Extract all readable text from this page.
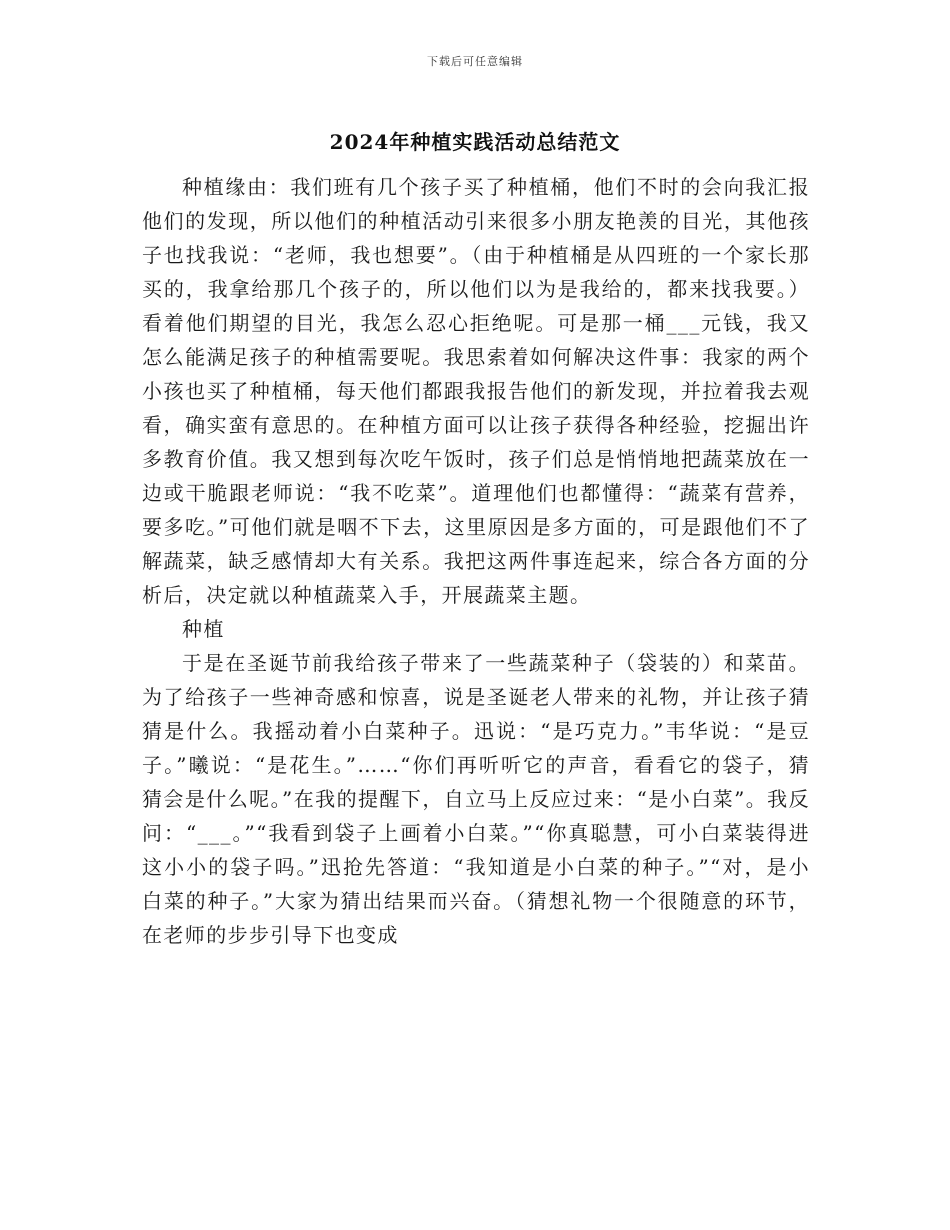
下载后可任意编辑
2024年种植实践活动总结范文

种植缘由：我们班有几个孩子买了种植桶，他们不时的会向我汇报他们的发现，所以他们的种植活动引来很多小朋友艳羡的目光，其他孩子也找我说：“老师，我也想要”。（由于种植桶是从四班的一个家长那买的，我拿给那几个孩子的，所以他们以为是我给的，都来找我要。）看着他们期望的目光，我怎么忍心拒绝呢。可是那一桶___元钱，我又怎么能满足孩子的种植需要呢。我思索着如何解决这件事：我家的两个小孩也买了种植桶，每天他们都跟我报告他们的新发现，并拉着我去观看，确实蛮有意思的。在种植方面可以让孩子获得各种经验，挖掘出许多教育价值。我又想到每次吃午饭时，孩子们总是悄悄地把蔬菜放在一边或干脆跟老师说：“我不吃菜”。道理他们也都懂得：“蔬菜有营养，要多吃。”可他们就是咽不下去，这里原因是多方面的，可是跟他们不了解蔬菜，缺乏感情却大有关系。我把这两件事连起来，综合各方面的分析后，决定就以种植蔬菜入手，开展蔬菜主题。

种植

于是在圣诞节前我给孩子带来了一些蔬菜种子（袋装的）和菜苗。为了给孩子一些神奇感和惊喜，说是圣诞老人带来的礼物，并让孩子猜猜是什么。我摇动着小白菜种子。迅说：“是巧克力。”韦华说：“是豆子。”曦说：“是花生。”……“你们再听听它的声音，看看它的袋子，猜猜会是什么呢。”在我的提醒下，自立马上反应过来：“是小白菜”。我反问：“___。”“我看到袋子上画着小白菜。”“你真聪慧，可小白菜装得进这小小的袋子吗。”迅抢先答道：“我知道是小白菜的种子。”“对，是小白菜的种子。”大家为猜出结果而兴奋。（猜想礼物一个很随意的环节，在老师的步步引导下也变成
